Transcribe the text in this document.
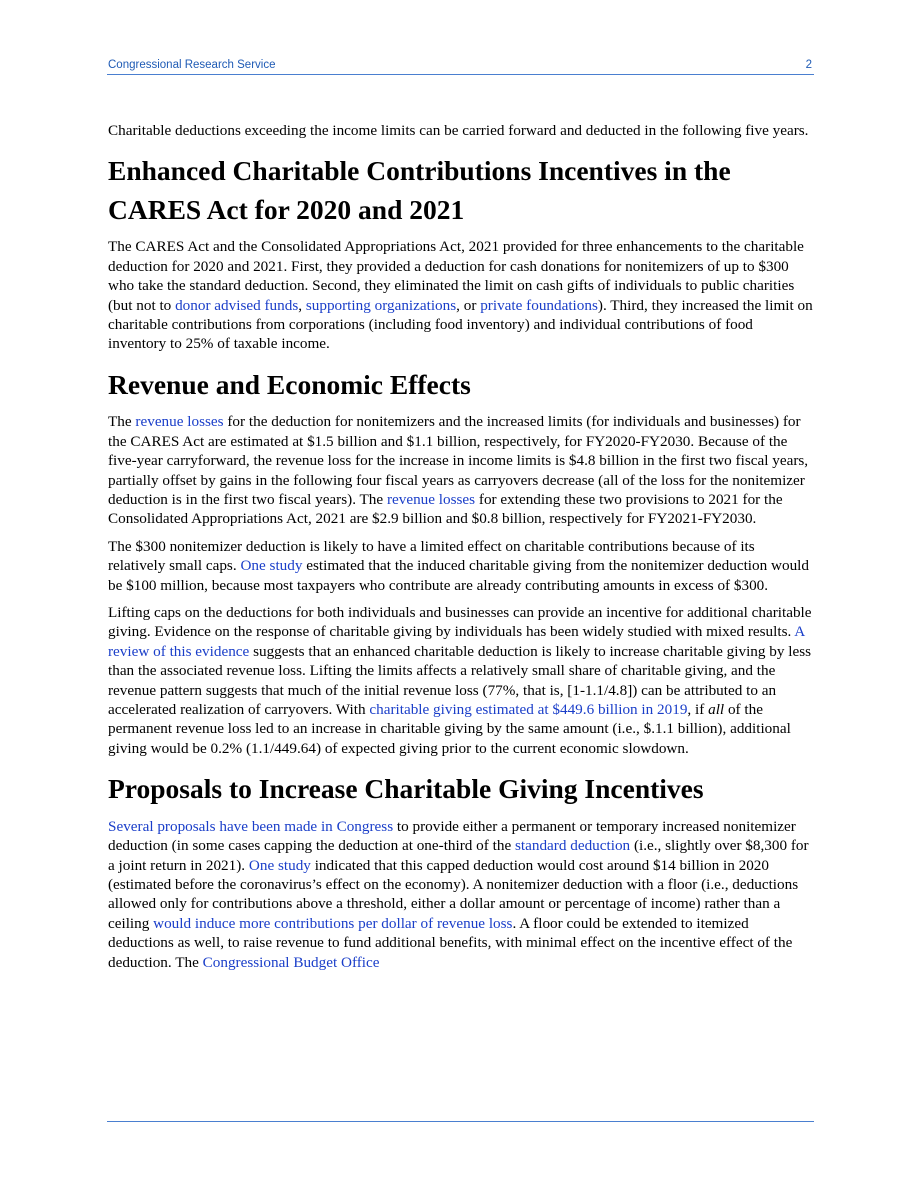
Congressional Research Service	2

Charitable deductions exceeding the income limits can be carried forward and deducted in the following five years.

Enhanced Charitable Contributions Incentives in the CARES Act for 2020 and 2021

The CARES Act and the Consolidated Appropriations Act, 2021 provided for three enhancements to the charitable deduction for 2020 and 2021. First, they provided a deduction for cash donations for nonitemizers of up to $300 who take the standard deduction. Second, they eliminated the limit on cash gifts of individuals to public charities (but not to donor advised funds, supporting organizations, or private foundations). Third, they increased the limit on charitable contributions from corporations (including food inventory) and individual contributions of food inventory to 25% of taxable income.

Revenue and Economic Effects

The revenue losses for the deduction for nonitemizers and the increased limits (for individuals and businesses) for the CARES Act are estimated at $1.5 billion and $1.1 billion, respectively, for FY2020-FY2030. Because of the five-year carryforward, the revenue loss for the increase in income limits is $4.8 billion in the first two fiscal years, partially offset by gains in the following four fiscal years as carryovers decrease (all of the loss for the nonitemizer deduction is in the first two fiscal years). The revenue losses for extending these two provisions to 2021 for the Consolidated Appropriations Act, 2021 are $2.9 billion and $0.8 billion, respectively for FY2021-FY2030.

The $300 nonitemizer deduction is likely to have a limited effect on charitable contributions because of its relatively small caps. One study estimated that the induced charitable giving from the nonitemizer deduction would be $100 million, because most taxpayers who contribute are already contributing amounts in excess of $300.

Lifting caps on the deductions for both individuals and businesses can provide an incentive for additional charitable giving. Evidence on the response of charitable giving by individuals has been widely studied with mixed results. A review of this evidence suggests that an enhanced charitable deduction is likely to increase charitable giving by less than the associated revenue loss. Lifting the limits affects a relatively small share of charitable giving, and the revenue pattern suggests that much of the initial revenue loss (77%, that is, [1-1.1/4.8]) can be attributed to an accelerated realization of carryovers. With charitable giving estimated at $449.6 billion in 2019, if all of the permanent revenue loss led to an increase in charitable giving by the same amount (i.e., $.1.1 billion), additional giving would be 0.2% (1.1/449.64) of expected giving prior to the current economic slowdown.

Proposals to Increase Charitable Giving Incentives

Several proposals have been made in Congress to provide either a permanent or temporary increased nonitemizer deduction (in some cases capping the deduction at one-third of the standard deduction (i.e., slightly over $8,300 for a joint return in 2021). One study indicated that this capped deduction would cost around $14 billion in 2020 (estimated before the coronavirus’s effect on the economy). A nonitemizer deduction with a floor (i.e., deductions allowed only for contributions above a threshold, either a dollar amount or percentage of income) rather than a ceiling would induce more contributions per dollar of revenue loss. A floor could be extended to itemized deductions as well, to raise revenue to fund additional benefits, with minimal effect on the incentive effect of the deduction. The Congressional Budget Office
